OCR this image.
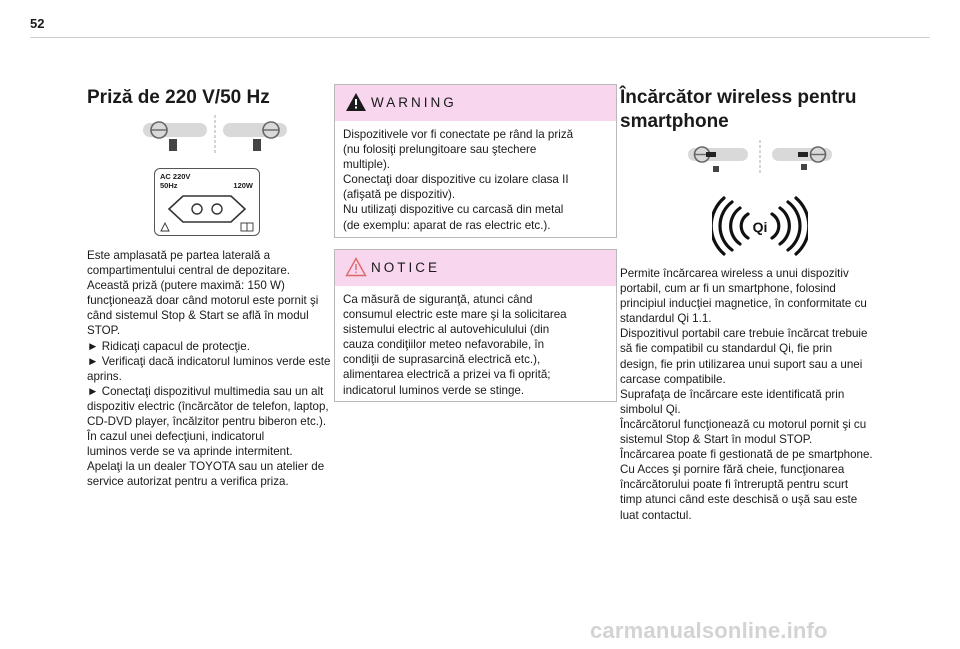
52
Priză de 220 V/50 Hz
AC 220V
50Hz	120W
Este amplasată pe partea laterală a
compartimentului central de depozitare.
Această priză (putere maximă: 150 W)
funcţionează doar când motorul este pornit şi
când sistemul Stop & Start se află în modul
STOP.
► Ridicaţi capacul de protecţie.
► Verificaţi dacă indicatorul luminos verde este
aprins.
► Conectaţi dispozitivul multimedia sau un alt
dispozitiv electric (încărcător de telefon, laptop,
CD-DVD player, încălzitor pentru biberon etc.).
În cazul unei defecţiuni, indicatorul
luminos verde se va aprinde intermitent.
Apelaţi la un dealer TOYOTA sau un atelier de
service autorizat pentru a verifica priza.
WARNING
Dispozitivele vor fi conectate pe rând la priză
(nu folosiţi prelungitoare sau ştechere
multiple).
Conectaţi doar dispozitive cu izolare clasa II
(afişată pe dispozitiv).
Nu utilizaţi dispozitive cu carcasă din metal
(de exemplu: aparat de ras electric etc.).
NOTICE
Ca măsură de siguranţă, atunci când
consumul electric este mare şi la solicitarea
sistemului electric al autovehiculului (din
cauza condiţiilor meteo nefavorabile, în
condiţii de suprasarcină electrică etc.),
alimentarea electrică a prizei va fi oprită;
indicatorul luminos verde se stinge.
Încărcător wireless pentru
smartphone
Qi
Permite încărcarea wireless a unui dispozitiv
portabil, cum ar fi un smartphone, folosind
principiul inducţiei magnetice, în conformitate cu
standardul Qi 1.1.
Dispozitivul portabil care trebuie încărcat trebuie
să fie compatibil cu standardul Qi, fie prin
design, fie prin utilizarea unui suport sau a unei
carcase compatibile.
Suprafaţa de încărcare este identificată prin
simbolul Qi.
Încărcătorul funcţionează cu motorul pornit şi cu
sistemul Stop & Start în modul STOP.
Încărcarea poate fi gestionată de pe smartphone.
Cu Acces şi pornire fără cheie, funcţionarea
încărcătorului poate fi întreruptă pentru scurt
timp atunci când este deschisă o uşă sau este
luat contactul.
carmanualsonline.info
